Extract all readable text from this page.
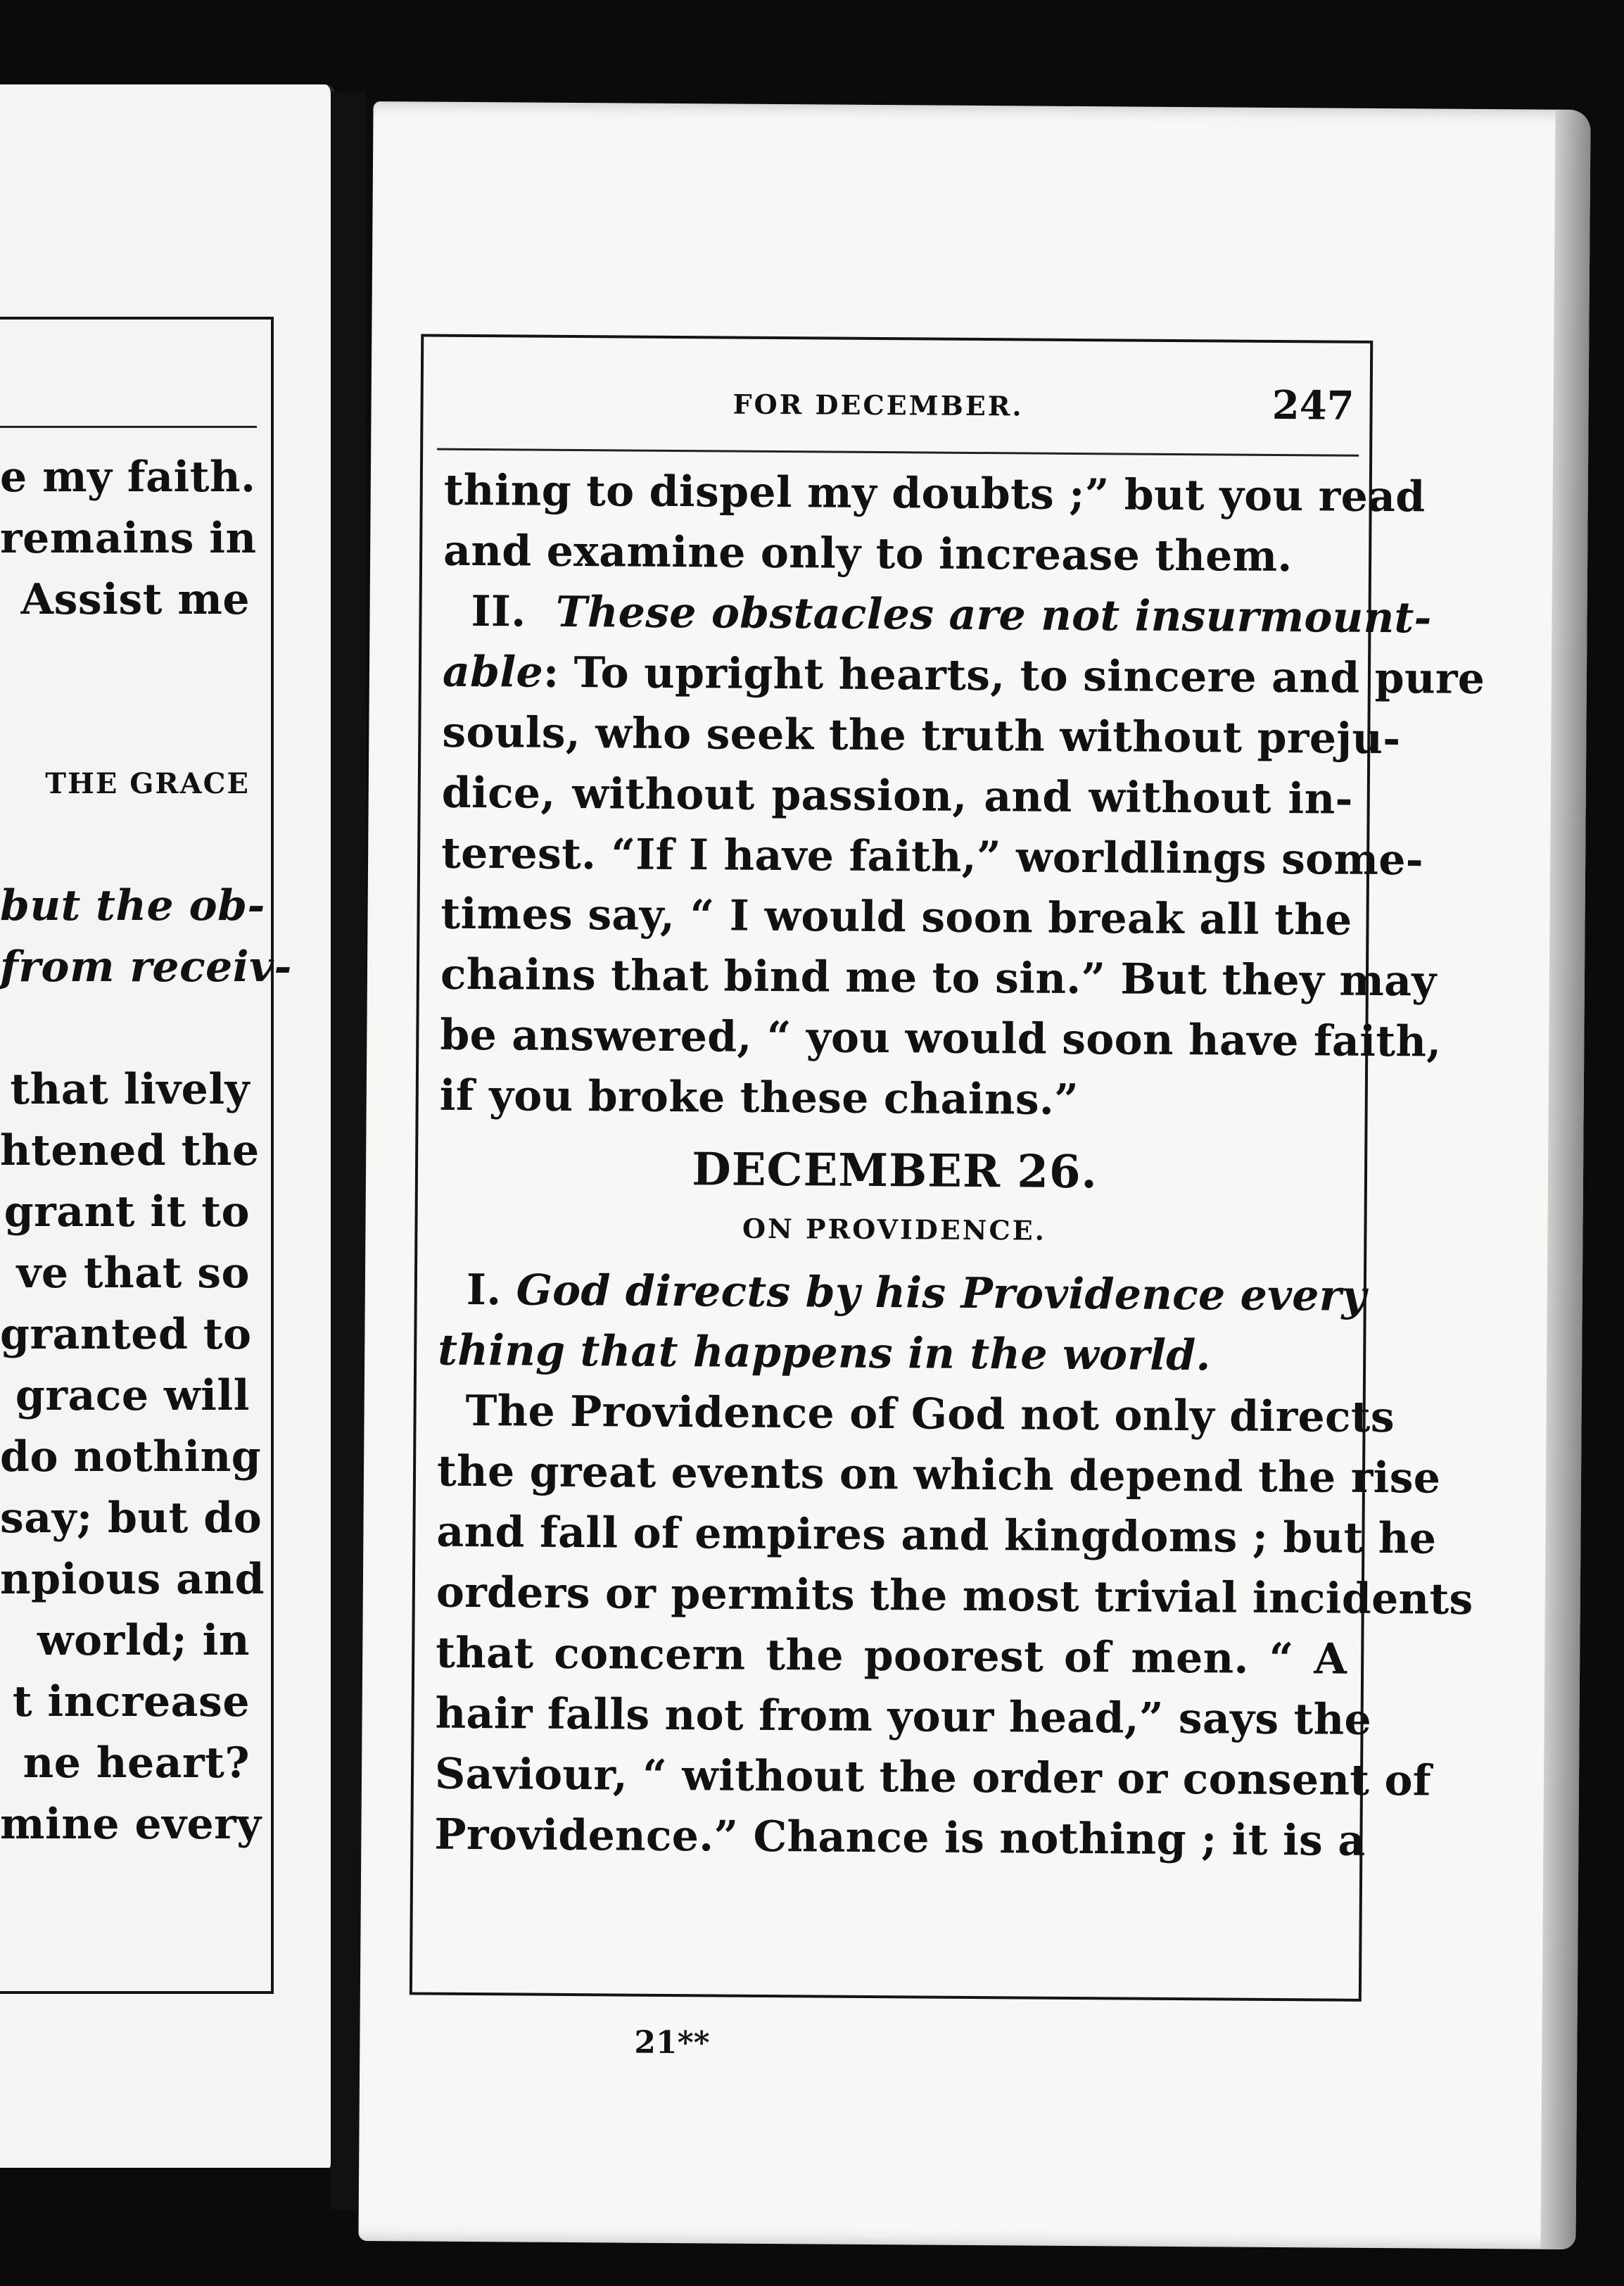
e my faith.
remains in
Assist me
THE GRACE
but the ob-
from receiv-
that lively
htened the
grant it to
ve that so
granted to
grace will
do nothing
say; but do
npious and
world; in
t increase
ne heart?
mine every
FOR DECEMBER.	247
thing to dispel my doubts ;” but you read
and examine only to increase them.
II. These obstacles are not insurmount-
able: To upright hearts, to sincere and pure
souls, who seek the truth without preju-
dice, without passion, and without in-
terest. “If I have faith,” worldlings some-
times say, “ I would soon break all the
chains that bind me to sin.” But they may
be answered, “ you would soon have faith,
if you broke these chains.”
DECEMBER 26.
ON PROVIDENCE.
I. God directs by his Providence every
thing that happens in the world.
The Providence of God not only directs
the great events on which depend the rise
and fall of empires and kingdoms ; but he
orders or permits the most trivial incidents
that concern the poorest of men. “ A
hair falls not from your head,” says the
Saviour, “ without the order or consent of
Providence.” Chance is nothing ; it is a
21**
